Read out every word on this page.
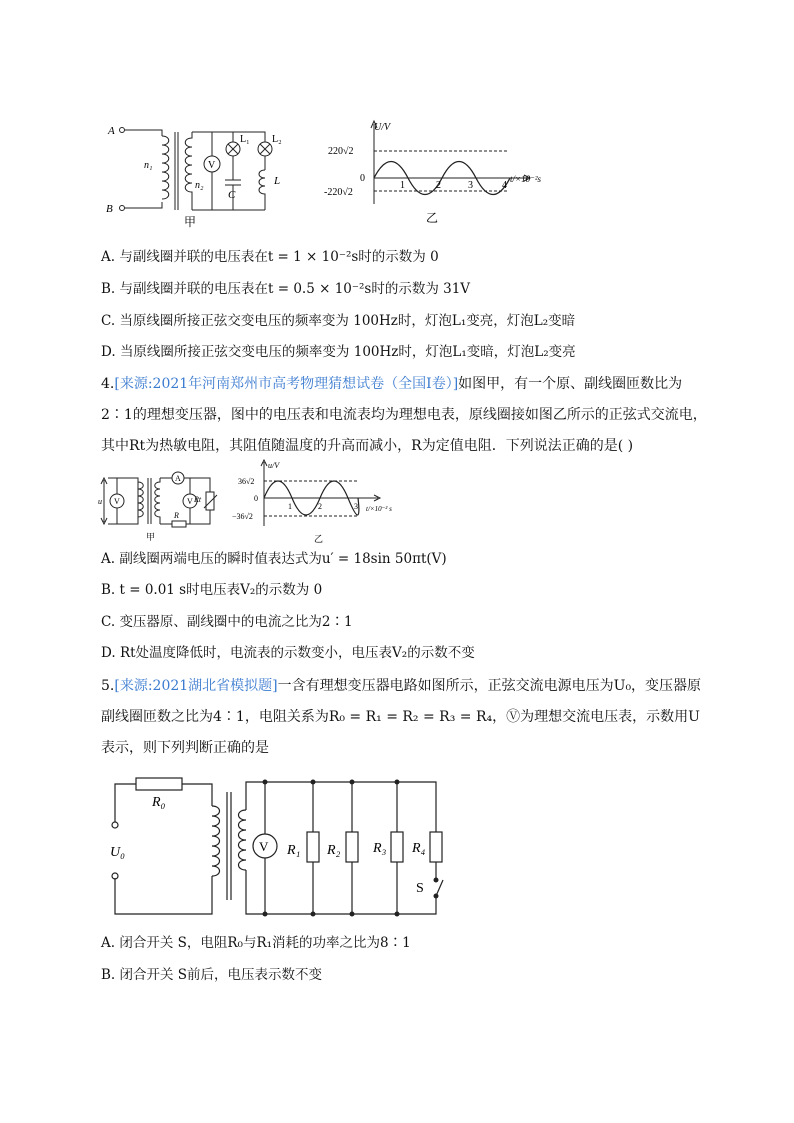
A
B
n₁
n₂
V
L₁ L₂
C
L
甲
U/V
220√2
0
-220√2
1	2	3	4
t/×10⁻²s
乙
A. 与副线圈并联的电压表在t = 1 × 10⁻²s时的示数为 0
B. 与副线圈并联的电压表在t = 0.5 × 10⁻²s时的示数为 31V
C. 当原线圈所接正弦交变电压的频率变为 100Hz时，灯泡L₁变亮，灯泡L₂变暗
D. 当原线圈所接正弦交变电压的频率变为 100Hz时，灯泡L₁变暗，灯泡L₂变亮
4.[来源:2021年河南郑州市高考物理猜想试卷（全国Ⅰ卷）]如图甲，有一个原、副线圈匝数比为2∶1的理想变压器，图中的电压表和电流表均为理想电表，原线圈接如图乙所示的正弦式交流电，其中Rt为热敏电阻，其阻值随温度的升高而减小，R为定值电阻．下列说法正确的是( )
u V	V
A
Rt
R
甲
u/V
36√2
0
−36√2
1	2	3 t/×10⁻² s
乙
A. 副线圈两端电压的瞬时值表达式为u′ = 18sin 50πt(V)
B. t = 0.01 s时电压表V₂的示数为 0
C. 变压器原、副线圈中的电流之比为2∶1
D. Rt处温度降低时，电流表的示数变小，电压表V₂的示数不变
5.[来源:2021湖北省模拟题]一含有理想变压器电路如图所示，正弦交流电源电压为U₀，变压器原副线圈匝数之比为4∶1，电阻关系为R₀ = R₁ = R₂ = R₃ = R₄，Ⓥ为理想交流电压表，示数用U表示，则下列判断正确的是
R₀
U₀	V R₁ R₂ R₃ R₄
S
A. 闭合开关 S，电阻R₀与R₁消耗的功率之比为8∶1
B. 闭合开关 S前后，电压表示数不变
